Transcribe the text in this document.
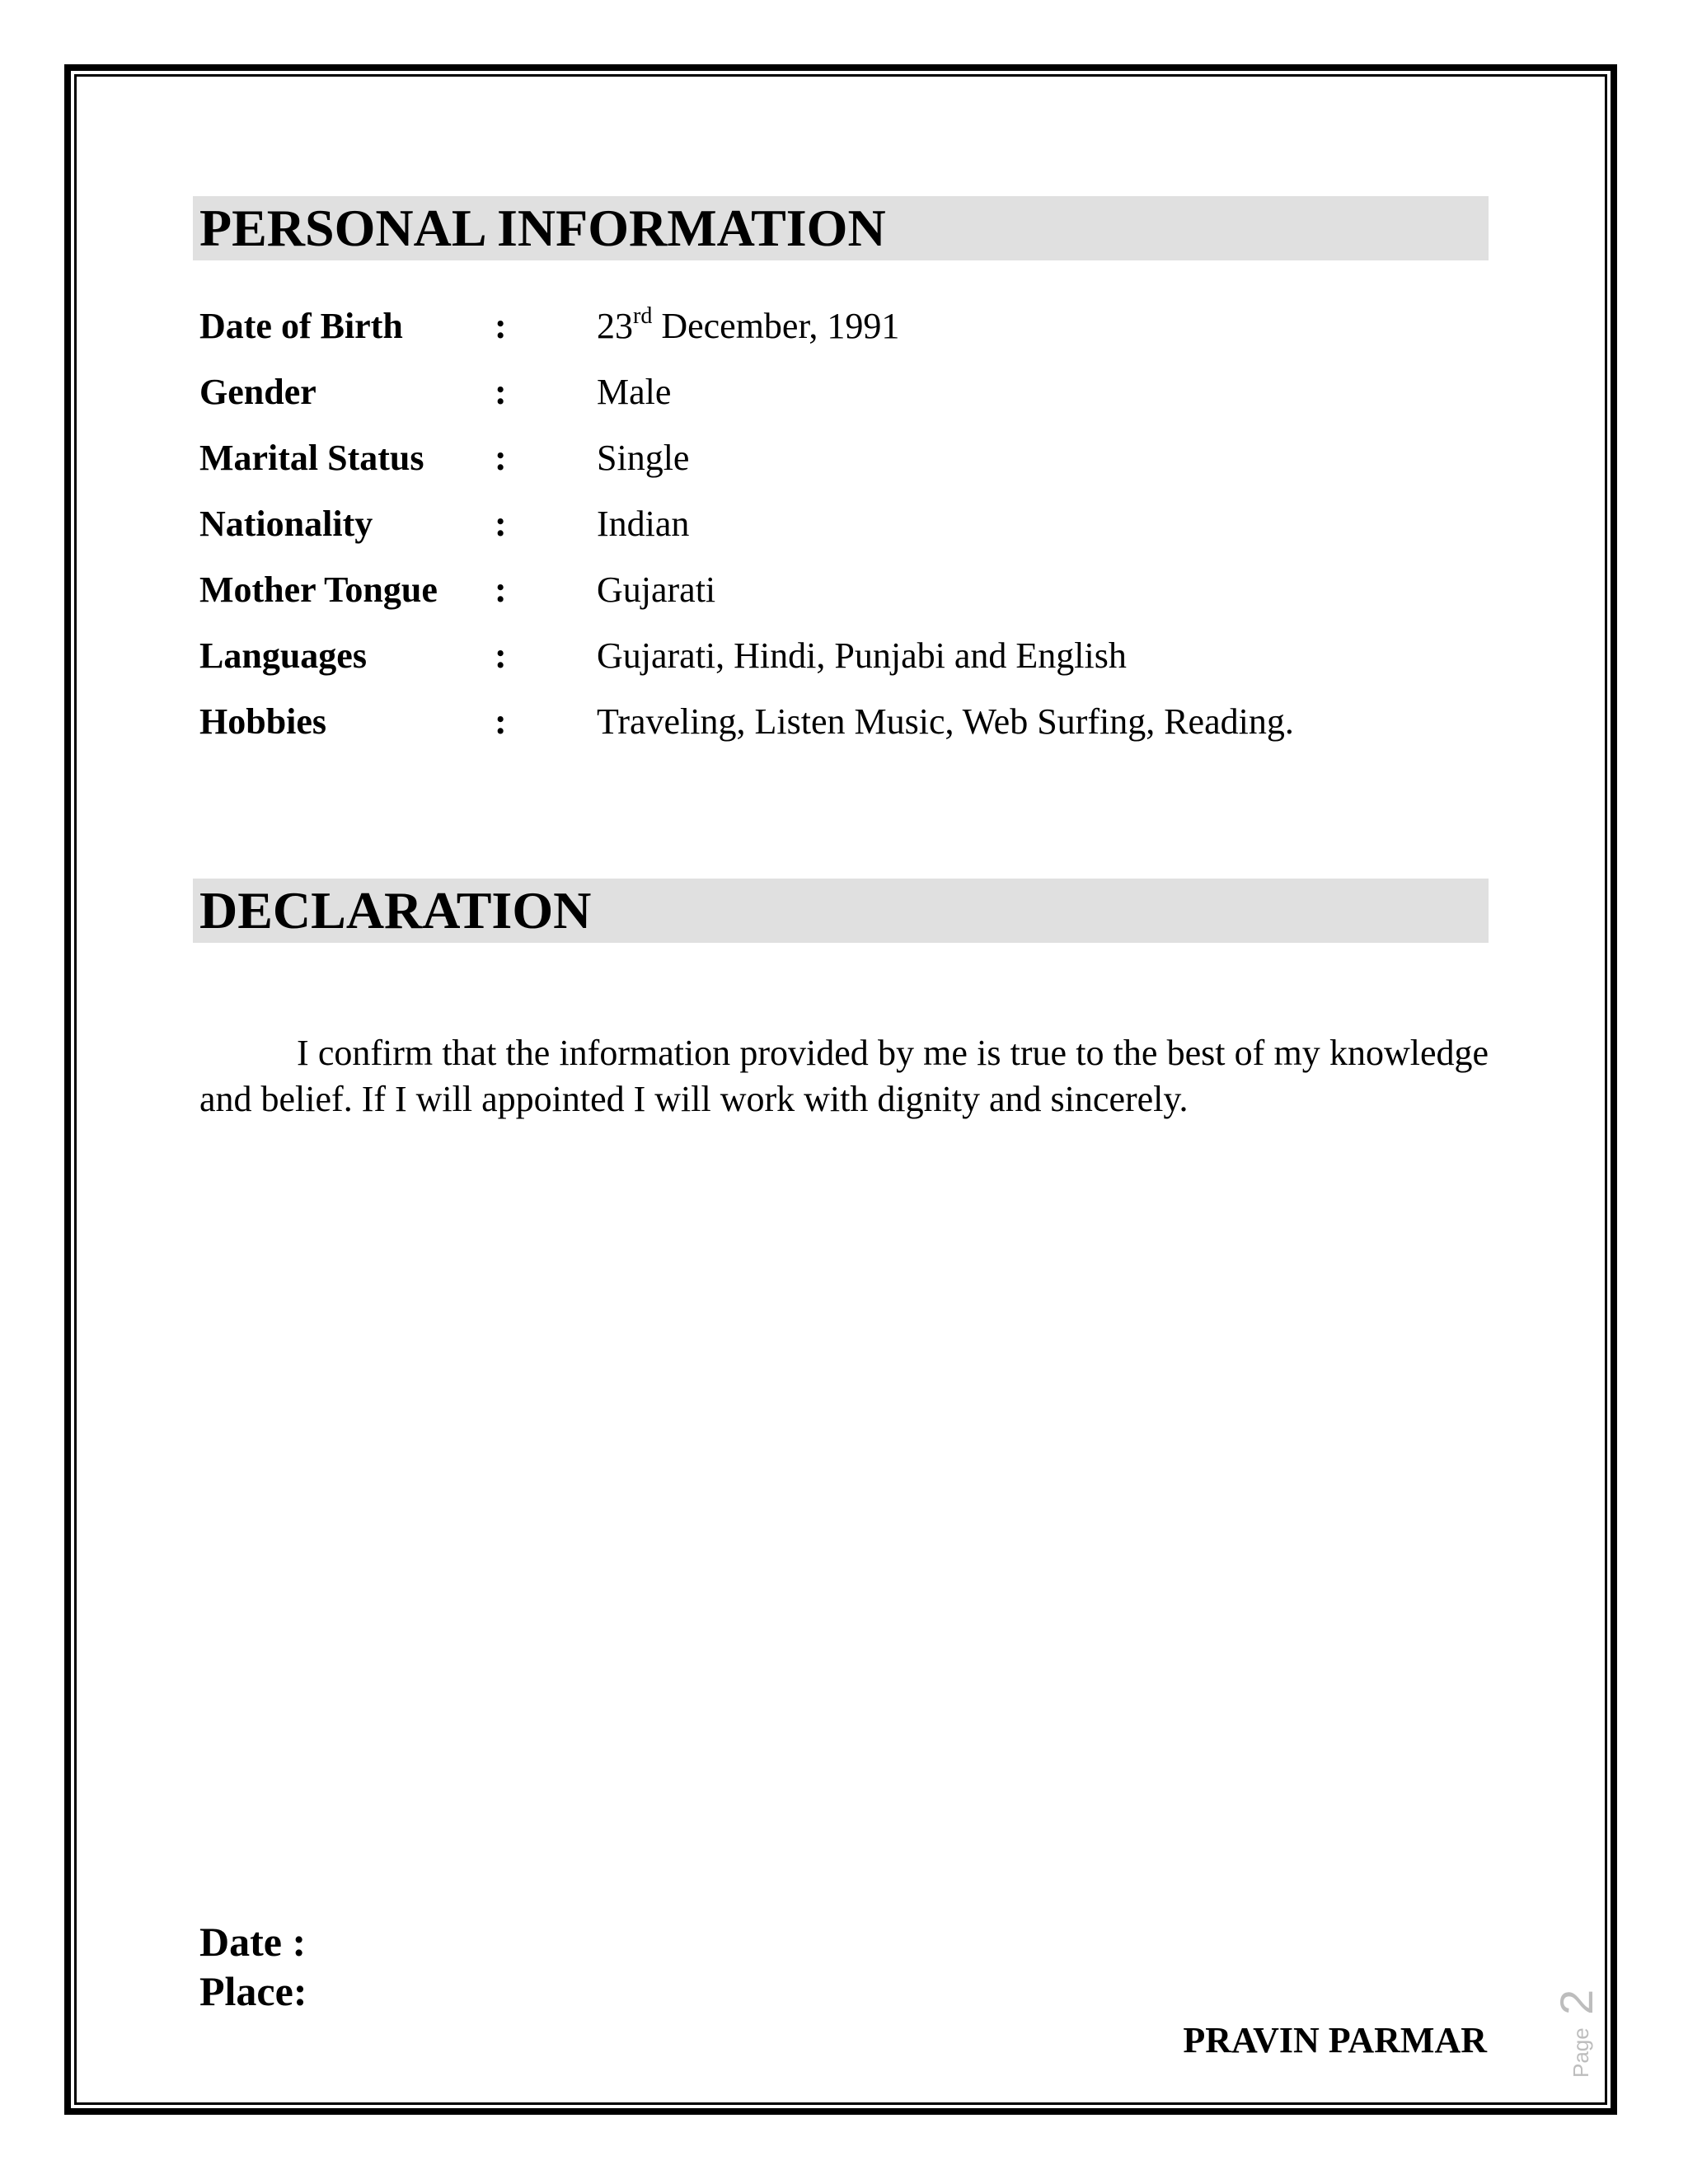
PERSONAL INFORMATION
Date of Birth	: 23rd December, 1991
Gender	: Male
Marital Status : Single
Nationality	: Indian
Mother Tongue : Gujarati
Languages	: Gujarati, Hindi, Punjabi and English
Hobbies	: Traveling, Listen Music, Web Surfing, Reading.
DECLARATION

I confirm that the information provided by me is true to the best of my knowledge and belief. If I will appointed I will work with dignity and sincerely.

Date :
Place:
PRAVIN PARMAR	Page
2
